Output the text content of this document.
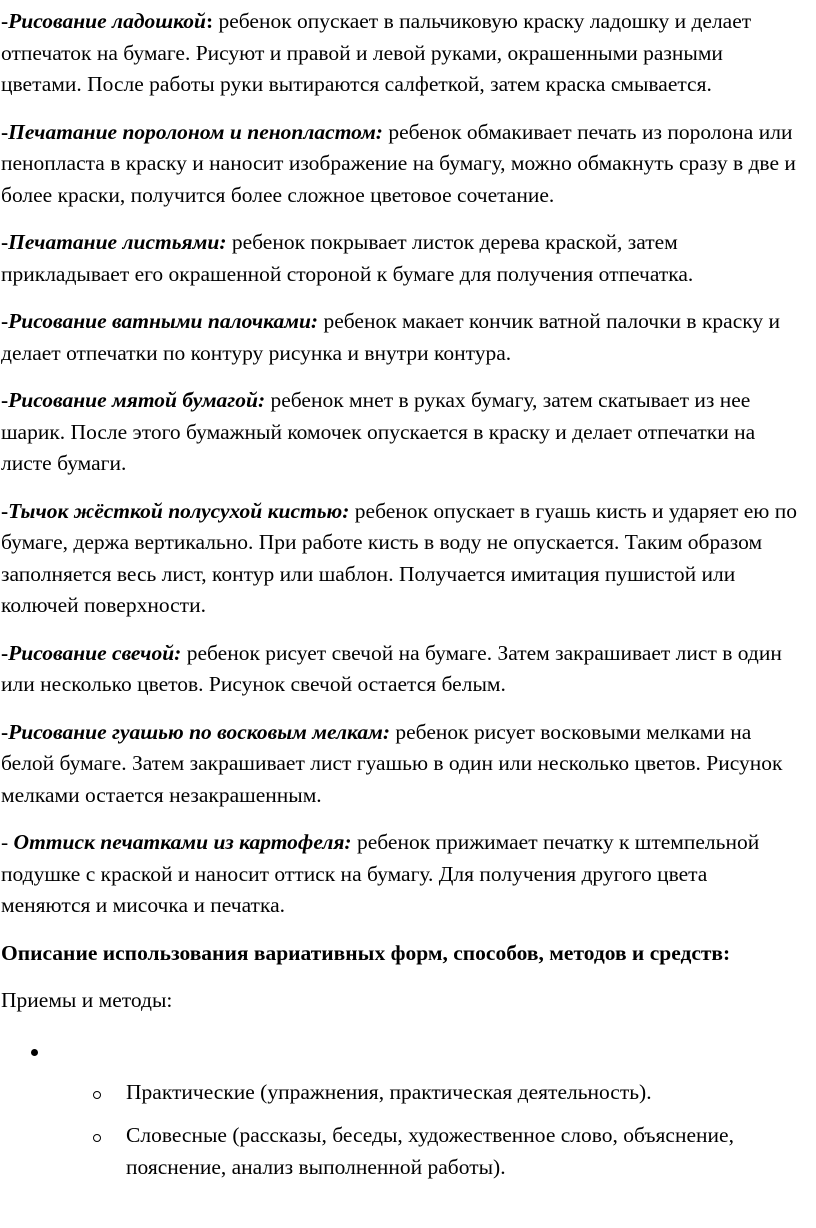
-Рисование ладошкой: ребенок опускает в пальчиковую краску ладошку и делает отпечаток на бумаге. Рисуют и правой и левой руками, окрашенными разными цветами. После работы руки вытираются салфеткой, затем краска смывается.

-Печатание поролоном и пенопластом: ребенок обмакивает печать из поролона или пенопласта в краску и наносит изображение на бумагу, можно обмакнуть сразу в две и более краски, получится более сложное цветовое сочетание.

-Печатание листьями: ребенок покрывает листок дерева краской, затем прикладывает его окрашенной стороной к бумаге для получения отпечатка.

-Рисование ватными палочками: ребенок макает кончик ватной палочки в краску и делает отпечатки по контуру рисунка и внутри контура.

-Рисование мятой бумагой: ребенок мнет в руках бумагу, затем скатывает из нее шарик. После этого бумажный комочек опускается в краску и делает отпечатки на листе бумаги.

-Тычок жёсткой полусухой кистью: ребенок опускает в гуашь кисть и ударяет ею по бумаге, держа вертикально. При работе кисть в воду не опускается. Таким образом заполняется весь лист, контур или шаблон. Получается имитация пушистой или колючей поверхности.

-Рисование свечой: ребенок рисует свечой на бумаге. Затем закрашивает лист в один или несколько цветов. Рисунок свечой остается белым.

-Рисование гуашью по восковым мелкам: ребенок рисует восковыми мелками на белой бумаге. Затем закрашивает лист гуашью в один или несколько цветов. Рисунок мелками остается незакрашенным.

- Оттиск печатками из картофеля: ребенок прижимает печатку к штемпельной подушке с краской и наносит оттиск на бумагу. Для получения другого цвета меняются и мисочка и печатка.

Описание использования вариативных форм, способов, методов и средств:

Приемы и методы:

Практические (упражнения, практическая деятельность).
Словесные (рассказы, беседы, художественное слово, объяснение, пояснение, анализ выполненной работы).
